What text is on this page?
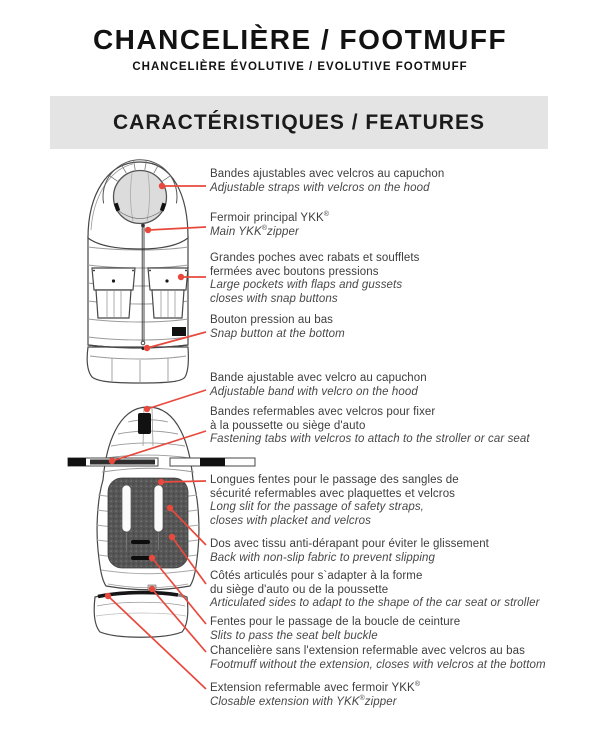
CHANCELIÈRE / FOOTMUFF
CHANCELIÈRE ÉVOLUTIVE / EVOLUTIVE FOOTMUFF
CARACTÉRISTIQUES / FEATURES
Bandes ajustables avec velcros au capuchon
Adjustable straps with velcros on the hood
Fermoir principal YKK®
Main YKK®zipper
Grandes poches avec rabats et soufflets
fermées avec boutons pressions
Large pockets with flaps and gussets
closes with snap buttons
Bouton pression au bas
Snap button at the bottom
Bande ajustable avec velcro au capuchon
Adjustable band with velcro on the hood
Bandes refermables avec velcros pour fixer
à la poussette ou siège d'auto
Fastening tabs with velcros to attach to the stroller or car seat
Longues fentes pour le passage des sangles de
sécurité refermables avec plaquettes et velcros
Long slit for the passage of safety straps,
closes with placket and velcros
Dos avec tissu anti-dérapant pour éviter le glissement
Back with non-slip fabric to prevent slipping
Côtés articulés pour s`adapter à la forme
du siège d'auto ou de la poussette
Articulated sides to adapt to the shape of the car seat or stroller
Fentes pour le passage de la boucle de ceinture
Slits to pass the seat belt buckle
Chancelière sans l'extension refermable avec velcros au bas
Footmuff without the extension, closes with velcros at the bottom
Extension refermable avec fermoir YKK®
Closable extension with YKK®zipper
